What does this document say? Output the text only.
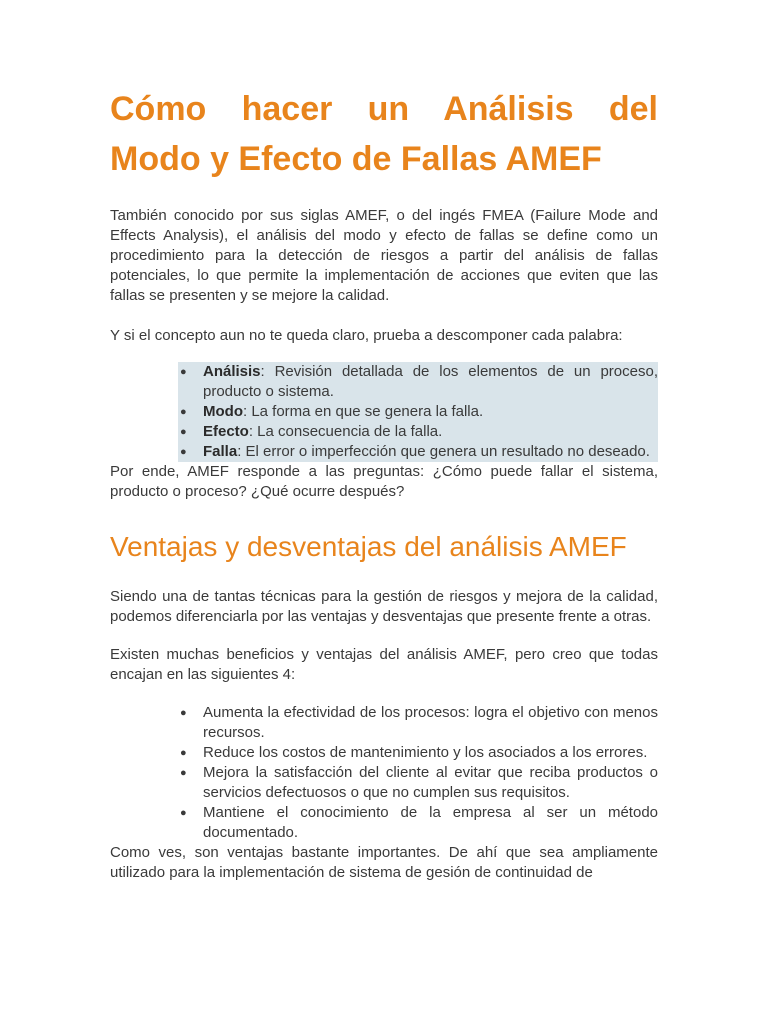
Cómo hacer un Análisis del
Modo y Efecto de Fallas AMEF

También conocido por sus siglas AMEF, o del ingés FMEA (Failure Mode and Effects Analysis), el análisis del modo y efecto de fallas se define como un procedimiento para la detección de riesgos a partir del análisis de fallas potenciales, lo que permite la implementación de acciones que eviten que las fallas se presenten y se mejore la calidad.

Y si el concepto aun no te queda claro, prueba a descomponer cada palabra:

● Análisis: Revisión detallada de los elementos de un proceso, producto o sistema.
● Modo: La forma en que se genera la falla.
● Efecto: La consecuencia de la falla.
● Falla: El error o imperfección que genera un resultado no deseado.

Por ende, AMEF responde a las preguntas: ¿Cómo puede fallar el sistema, producto o proceso? ¿Qué ocurre después?

Ventajas y desventajas del análisis AMEF

Siendo una de tantas técnicas para la gestión de riesgos y mejora de la calidad, podemos diferenciarla por las ventajas y desventajas que presente frente a otras.

Existen muchas beneficios y ventajas del análisis AMEF, pero creo que todas encajan en las siguientes 4:

● Aumenta la efectividad de los procesos: logra el objetivo con menos recursos.
● Reduce los costos de mantenimiento y los asociados a los errores.
● Mejora la satisfacción del cliente al evitar que reciba productos o servicios defectuosos o que no cumplen sus requisitos.
● Mantiene el conocimiento de la empresa al ser un método documentado.

Como ves, son ventajas bastante importantes. De ahí que sea ampliamente utilizado para la implementación de sistema de gesión de continuidad de
